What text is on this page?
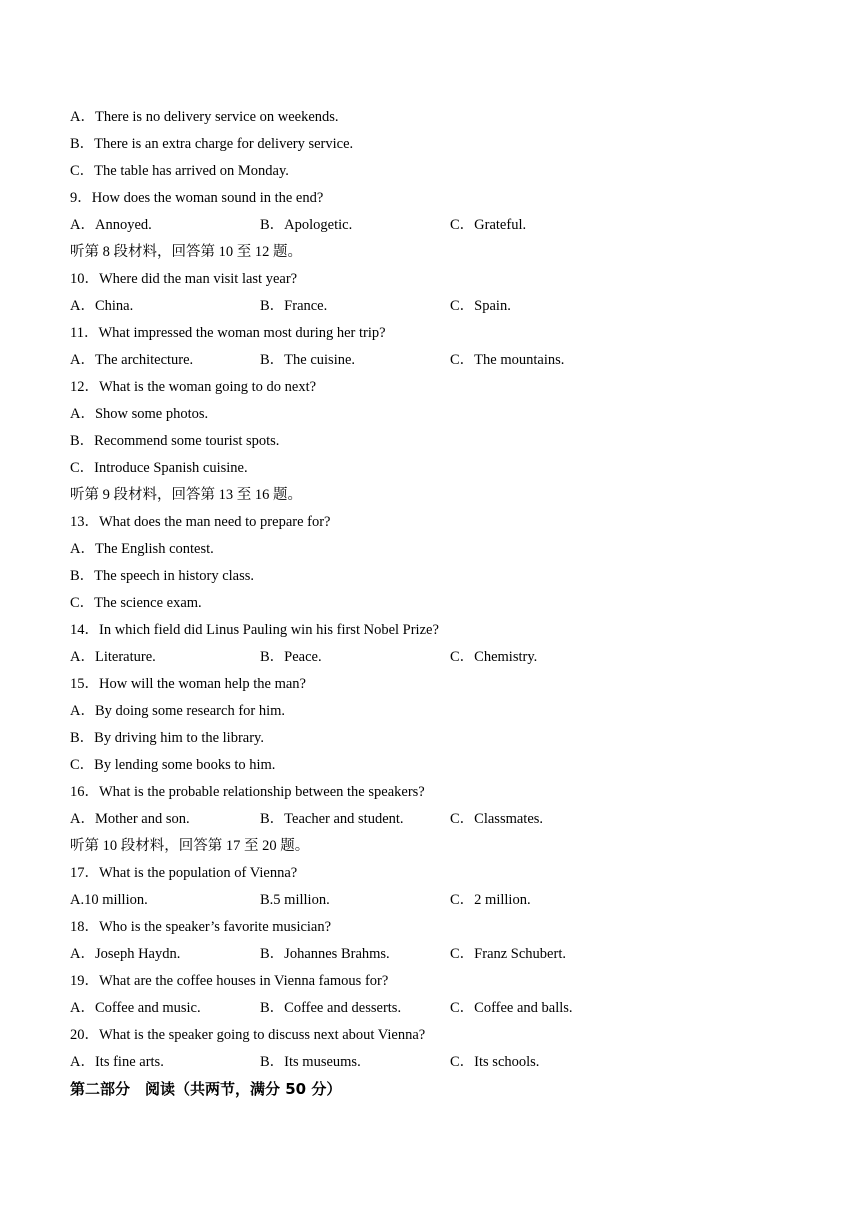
A．There is no delivery service on weekends.
B．There is an extra charge for delivery service.
C．The table has arrived on Monday.
9．How does the woman sound in the end?
A．Annoyed.	B．Apologetic.	C．Grateful.
听第 8 段材料，回答第 10 至 12 题。
10．Where did the man visit last year?
A．China.	B．France.	C．Spain.
11．What impressed the woman most during her trip?
A．The architecture.	B．The cuisine.	C．The mountains.
12．What is the woman going to do next?
A．Show some photos.
B．Recommend some tourist spots.
C．Introduce Spanish cuisine.
听第 9 段材料，回答第 13 至 16 题。
13．What does the man need to prepare for?
A．The English contest.
B．The speech in history class.
C．The science exam.
14．In which field did Linus Pauling win his first Nobel Prize?
A．Literature.	B．Peace.	C．Chemistry.
15．How will the woman help the man?
A．By doing some research for him.
B．By driving him to the library.
C．By lending some books to him.
16．What is the probable relationship between the speakers?
A．Mother and son.	B．Teacher and student.	C．Classmates.
听第 10 段材料，回答第 17 至 20 题。
17．What is the population of Vienna?
A.10 million.	B.5 million.	C．2 million.
18．Who is the speaker’s favorite musician?
A．Joseph Haydn.	B．Johannes Brahms.	C．Franz Schubert.
19．What are the coffee houses in Vienna famous for?
A．Coffee and music.	B．Coffee and desserts.	C．Coffee and balls.
20．What is the speaker going to discuss next about Vienna?
A．Its fine arts.	B．Its museums.	C．Its schools.
第二部分　阅读（共两节，满分 50 分）
